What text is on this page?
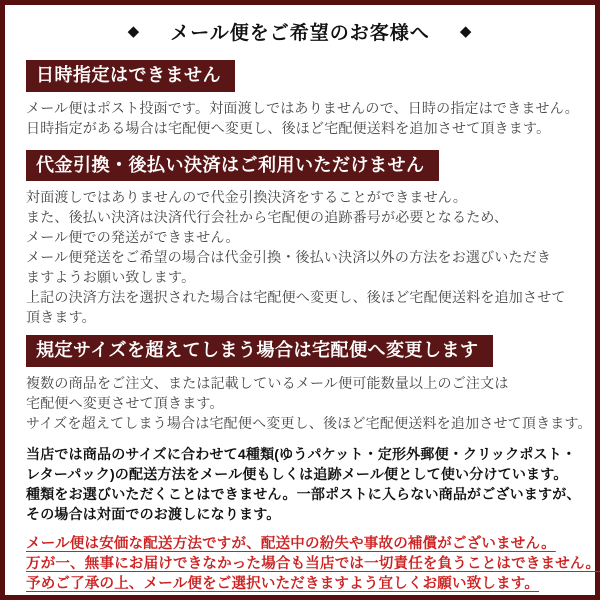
◆ メール便をご希望のお客様へ ◆
日時指定はできません
メール便はポスト投函です。対面渡しではありませんので、日時の指定はできません。
日時指定がある場合は宅配便へ変更し、後ほど宅配便送料を追加させて頂きます。
代金引換・後払い決済はご利用いただけません
対面渡しではありませんので代金引換決済をすることができません。
また、後払い決済は決済代行会社から宅配便の追跡番号が必要となるため、
メール便での発送ができません。
メール便発送をご希望の場合は代金引換・後払い決済以外の方法をお選びいただき
ますようお願い致します。
上記の決済方法を選択された場合は宅配便へ変更し、後ほど宅配便送料を追加させて
頂きます。
規定サイズを超えてしまう場合は宅配便へ変更します
複数の商品をご注文、または記載しているメール便可能数量以上のご注文は
宅配便へ変更させて頂きます。
サイズを超えてしまう場合は宅配便へ変更し、後ほど宅配便送料を追加させて頂きます。
当店では商品のサイズに合わせて4種類(ゆうパケット・定形外郵便・クリックポスト・
レターパック)の配送方法をメール便もしくは追跡メール便として使い分けています。
種類をお選びいただくことはできません。一部ポストに入らない商品がございますが、
その場合は対面でのお渡しになります。
メール便は安価な配送方法ですが、配送中の紛失や事故の補償がございません。
万が一、無事にお届けできなかった場合も当店では一切責任を負うことはできません。
予めご了承の上、メール便をご選択いただきますよう宜しくお願い致します。
